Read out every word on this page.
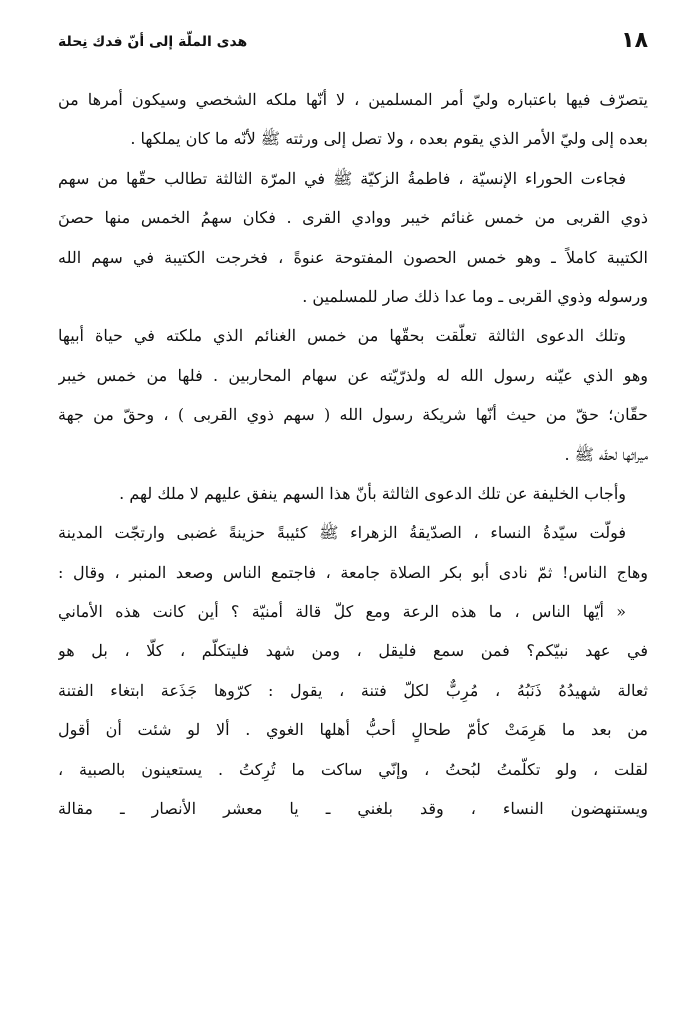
١٨
هدى الملّة إلى أنّ فدك نِحلة
يتصرّف فيها باعتباره وليّ أمر المسلمين ، لا أنّها ملكه الشخصي وسيكون أمرها من
بعده إلى وليّ الأمر الذي يقوم بعده ، ولا تصل إلى ورثته ﷺ لأنّه ما كان يملكها .
فجاءت الحوراء الإنسيّة ، فاطمةُ الزكيّة ﷺ في المرّة الثالثة تطالب حقّها من سهم
ذوي القربى من خمس غنائم خيبر ووادي القرى . فكان سهمُ الخمس منها حصنَ
الكتيبة كاملاً ـ وهو خمس الحصون المفتوحة عنوةً ، فخرجت الكتيبة في سهم الله
ورسوله وذوي القربى ـ وما عدا ذلك صار للمسلمين .
وتلك الدعوى الثالثة تعلّقت بحقّها من خمس الغنائم الذي ملكته في حياة أبيها
وهو الذي عيّنه رسول الله له ولذرّيّته عن سهام المحاربين . فلها من خمس خيبر
حقّان؛ حقّ من حيث أنّها شريكة رسول الله ( سهم ذوي القربى ) ، وحقّ من جهة
ميراثها لحقّه ﷺ .
وأجاب الخليفة عن تلك الدعوى الثالثة بأنّ هذا السهم ينفق عليهم لا ملك لهم .
فولّت سيّدةُ النساء ، الصدّيقةُ الزهراء ﷺ كئيبةً حزينةً غضبى وارتجّت المدينة
وهاج الناس! ثمّ نادى أبو بكر الصلاة جامعة ، فاجتمع الناس وصعد المنبر ، وقال :
« أيّها الناس ، ما هذه الرعة ومع كلّ قالة أمنيّة ؟ أين كانت هذه الأماني
في عهد نبيّكم؟ فمن سمع فليقل ، ومن شهد فليتكلّم ، كلّا ، بل هو
ثعالة شهيدُهُ ذَنَبُهُ ، مُرِبٌّ لكلّ فتنة ، يقول : كرّوها جَذَعة ابتغاء الفتنة
من بعد ما هَرِمَتْ كأمّ طحالٍ أحبُّ أهلها الغوي . ألا لو شئت أن أقول
لقلت ، ولو تكلّمتُ لبُحتُ ، وإنّي ساكت ما تُرِكتُ . يستعينون بالصبية ،
ويستنهضون النساء ، وقد بلغني ـ يا معشر الأنصار ـ مقالة
